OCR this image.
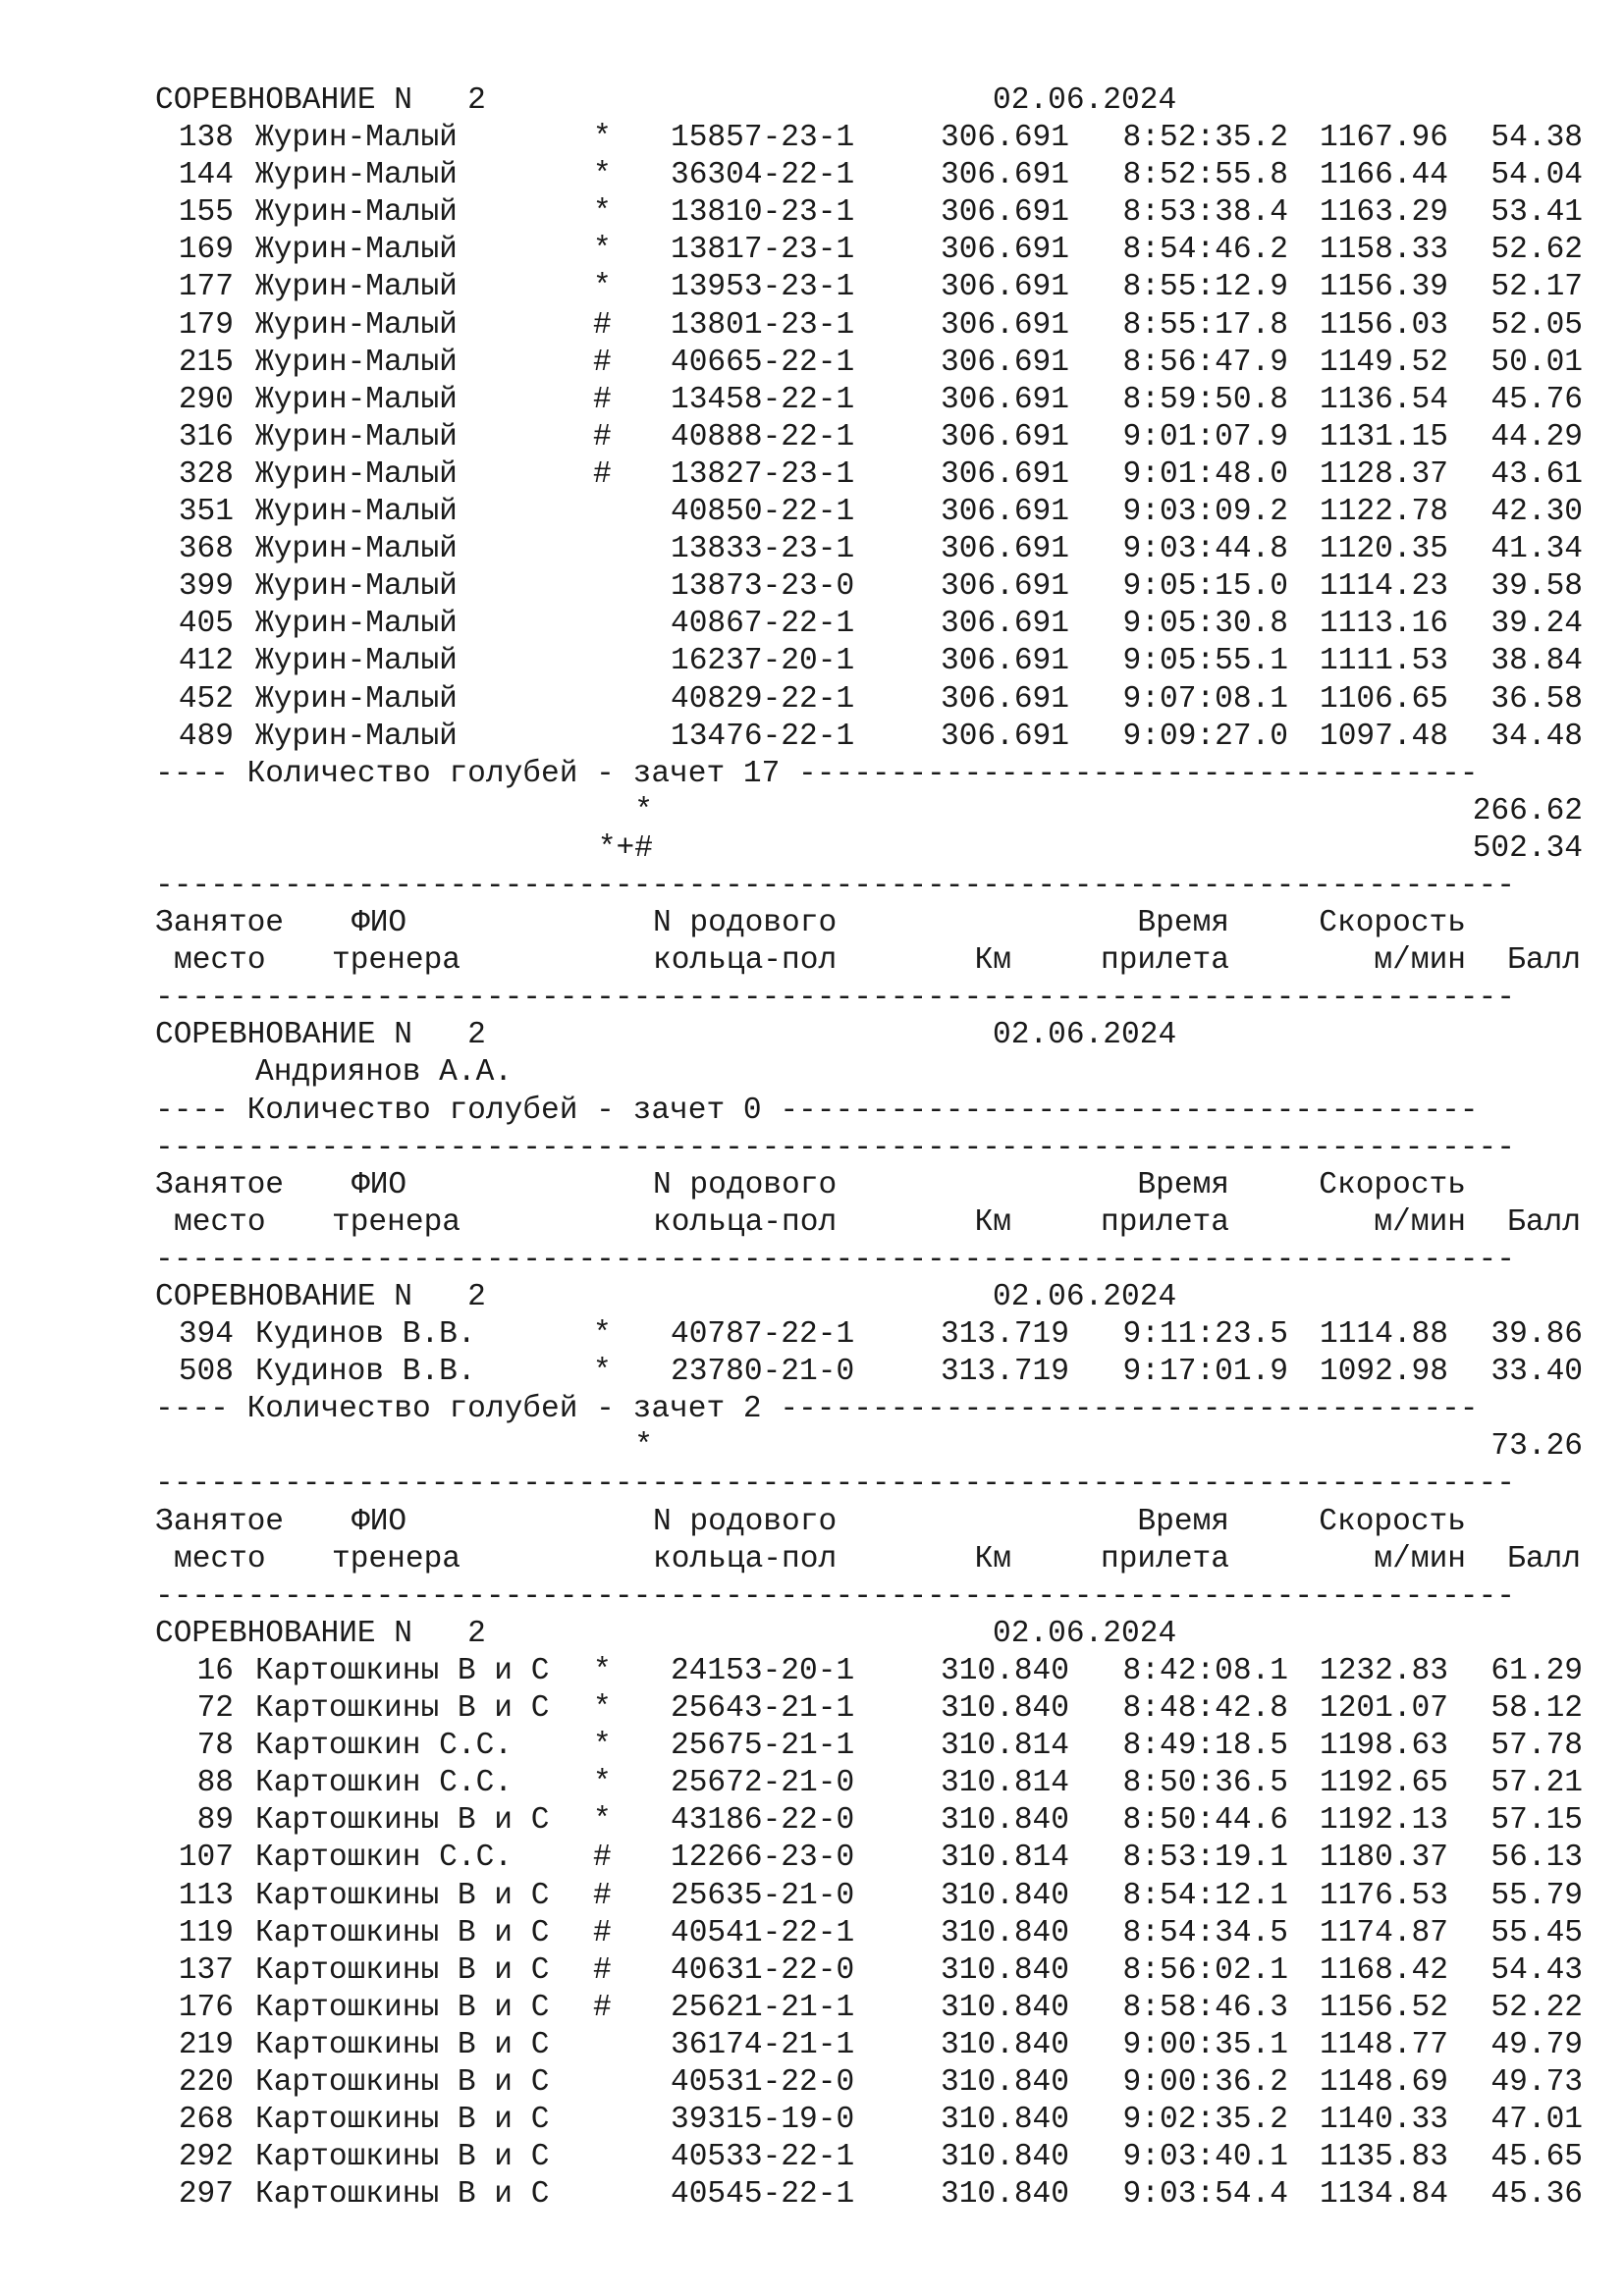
СОРЕВНОВАНИЕ N   2	02.06.2024
138 Журин-Малый	* 15857-23-1	306.691 8:52:35.2 1167.96 54.38
144 Журин-Малый	* 36304-22-1	306.691 8:52:55.8 1166.44 54.04
155 Журин-Малый	* 13810-23-1	306.691 8:53:38.4 1163.29 53.41
169 Журин-Малый	* 13817-23-1	306.691 8:54:46.2 1158.33 52.62
177 Журин-Малый	* 13953-23-1	306.691 8:55:12.9 1156.39 52.17
179 Журин-Малый	# 13801-23-1	306.691 8:55:17.8 1156.03 52.05
215 Журин-Малый	# 40665-22-1	306.691 8:56:47.9 1149.52 50.01
290 Журин-Малый	# 13458-22-1	306.691 8:59:50.8 1136.54 45.76
316 Журин-Малый	# 40888-22-1	306.691 9:01:07.9 1131.15 44.29
328 Журин-Малый	# 13827-23-1	306.691 9:01:48.0 1128.37 43.61
351 Журин-Малый	40850-22-1	306.691 9:03:09.2 1122.78 42.30
368 Журин-Малый	13833-23-1	306.691 9:03:44.8 1120.35 41.34
399 Журин-Малый	13873-23-0	306.691 9:05:15.0 1114.23 39.58
405 Журин-Малый	40867-22-1	306.691 9:05:30.8 1113.16 39.24
412 Журин-Малый	16237-20-1	306.691 9:05:55.1 1111.53 38.84
452 Журин-Малый	40829-22-1	306.691 9:07:08.1 1106.65 36.58
489 Журин-Малый	13476-22-1	306.691 9:09:27.0 1097.48 34.48
---- Количество голубей - зачет 17 -------------------------------------
*	266.62
*+#	502.34
--------------------------------------------------------------------------
Занятое ФИО	N родового	Время	Скорость
место тренера	кольца-пол	Км	прилета	м/мин Балл
--------------------------------------------------------------------------
СОРЕВНОВАНИЕ N   2	02.06.2024
Андриянов А.А.
---- Количество голубей - зачет 0 --------------------------------------
--------------------------------------------------------------------------
Занятое ФИО	N родового	Время	Скорость
место тренера	кольца-пол	Км	прилета	м/мин Балл
--------------------------------------------------------------------------
СОРЕВНОВАНИЕ N   2	02.06.2024
394 Кудинов В.В.	* 40787-22-1	313.719 9:11:23.5 1114.88 39.86
508 Кудинов В.В.	* 23780-21-0	313.719 9:17:01.9 1092.98 33.40
---- Количество голубей - зачет 2 --------------------------------------
*	73.26
--------------------------------------------------------------------------
Занятое ФИО	N родового	Время	Скорость
место тренера	кольца-пол	Км	прилета	м/мин Балл
--------------------------------------------------------------------------
СОРЕВНОВАНИЕ N   2	02.06.2024
16 Картошкины В и С * 24153-20-1	310.840 8:42:08.1 1232.83 61.29
72 Картошкины В и С * 25643-21-1	310.840 8:48:42.8 1201.07 58.12
78 Картошкин С.С.	* 25675-21-1	310.814 8:49:18.5 1198.63 57.78
88 Картошкин С.С.	* 25672-21-0	310.814 8:50:36.5 1192.65 57.21
89 Картошкины В и С * 43186-22-0	310.840 8:50:44.6 1192.13 57.15
107 Картошкин С.С.	# 12266-23-0	310.814 8:53:19.1 1180.37 56.13
113 Картошкины В и С # 25635-21-0	310.840 8:54:12.1 1176.53 55.79
119 Картошкины В и С # 40541-22-1	310.840 8:54:34.5 1174.87 55.45
137 Картошкины В и С # 40631-22-0	310.840 8:56:02.1 1168.42 54.43
176 Картошкины В и С # 25621-21-1	310.840 8:58:46.3 1156.52 52.22
219 Картошкины В и С	36174-21-1	310.840 9:00:35.1 1148.77 49.79
220 Картошкины В и С	40531-22-0	310.840 9:00:36.2 1148.69 49.73
268 Картошкины В и С	39315-19-0	310.840 9:02:35.2 1140.33 47.01
292 Картошкины В и С	40533-22-1	310.840 9:03:40.1 1135.83 45.65
297 Картошкины В и С	40545-22-1	310.840 9:03:54.4 1134.84 45.36
